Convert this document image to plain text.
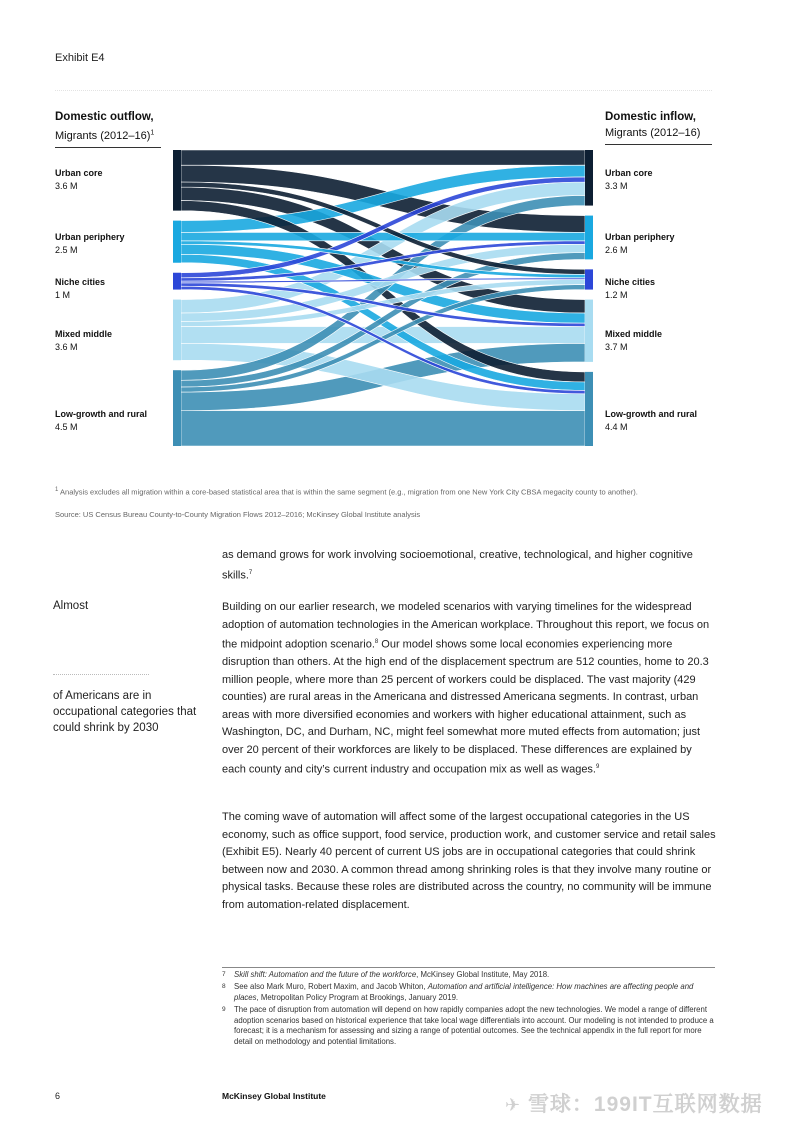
Exhibit E4
Domestic outflow,
Migrants (2012–16)$^1$
Domestic inflow,
Migrants (2012–16)
Urban core
3.6 M
Urban periphery
2.5 M
Niche cities
1 M
Mixed middle
3.6 M
Low-growth and rural
4.5 M
Urban core
3.3 M
Urban periphery
2.6 M
Niche cities
1.2 M
Mixed middle
3.7 M
Low-growth and rural
4.4 M
$^1$ Analysis excludes all migration within a core-based statistical area that is within the same segment (e.g., migration from one New York City CBSA megacity county to another).
Source: US Census Bureau County-to-County Migration Flows 2012–2016; McKinsey Global Institute analysis
as demand grows for work involving socioemotional, creative, technological, and higher cognitive skills.$^7$
Building on our earlier research, we modeled scenarios with varying timelines for the widespread adoption of automation technologies in the American workplace. Throughout this report, we focus on the midpoint adoption scenario.$^8$ Our model shows some local economies experiencing more disruption than others. At the high end of the displacement spectrum are 512 counties, home to 20.3 million people, where more than 25 percent of workers could be displaced. The vast majority (429 counties) are rural areas in the Americana and distressed Americana segments. In contrast, urban areas with more diversified economies and workers with higher educational attainment, such as Washington, DC, and Durham, NC, might feel somewhat more muted effects from automation; just over 20 percent of their workforces are likely to be displaced. These differences are explained by each county and city’s current industry and occupation mix as well as wages.$^9$
The coming wave of automation will affect some of the largest occupational categories in the US economy, such as office support, food service, production work, and customer service and retail sales (Exhibit E5). Nearly 40 percent of current US jobs are in occupational categories that could shrink between now and 2030. A common thread among shrinking roles is that they involve many routine or physical tasks. Because these roles are distributed across the country, no community will be immune from automation-related displacement.
Almost
of Americans are in occupational categories that could shrink by 2030
7 Skill shift: Automation and the future of the workforce, McKinsey Global Institute, May 2018.
8 See also Mark Muro, Robert Maxim, and Jacob Whiton, Automation and artificial intelligence: How machines are affecting people and places, Metropolitan Policy Program at Brookings, January 2019.
9 The pace of disruption from automation will depend on how rapidly companies adopt the new technologies. We model a range of different adoption scenarios based on historical experience that take local wage differentials into account. Our modeling is not intended to produce a forecast; it is a mechanism for assessing and sizing a range of potential outcomes. See the technical appendix in the full report for more detail on methodology and potential limitations.
6	McKinsey Global Institute	✈ 雪球：199IT互联网数据
